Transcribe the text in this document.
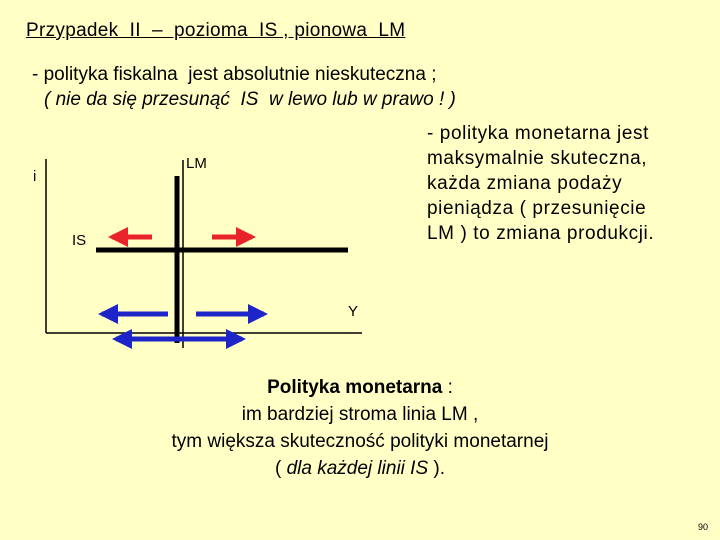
Przypadek  II  –  pozioma  IS , pionowa  LM
- polityka fiskalna  jest absolutnie nieskuteczna ;
( nie da się przesunąć  IS  w lewo lub w prawo ! )
- polityka monetarna jest
maksymalnie skuteczna,
każda zmiana podaży
pieniądza ( przesunięcie
LM ) to zmiana produkcji.
i
Y
IS
LM
Polityka monetarna :
im bardziej stroma linia LM ,
tym większa skuteczność polityki monetarnej
( dla każdej linii IS ).
90
